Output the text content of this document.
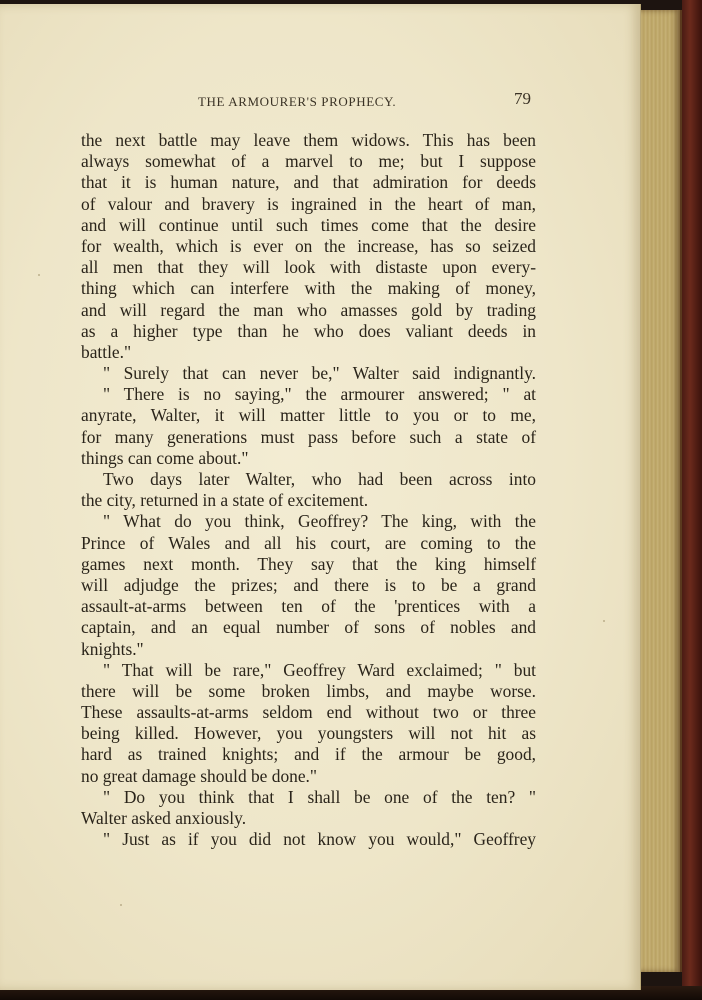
THE ARMOURER'S PROPHECY.	79
the next battle may leave them widows. This has been
always somewhat of a marvel to me; but I suppose
that it is human nature, and that admiration for deeds
of valour and bravery is ingrained in the heart of man,
and will continue until such times come that the desire
for wealth, which is ever on the increase, has so seized
all men that they will look with distaste upon every-
thing which can interfere with the making of money,
and will regard the man who amasses gold by trading
as a higher type than he who does valiant deeds in
battle."
" Surely that can never be," Walter said indignantly.
" There is no saying," the armourer answered; " at
anyrate, Walter, it will matter little to you or to me,
for many generations must pass before such a state of
things can come about."
Two days later Walter, who had been across into
the city, returned in a state of excitement.
" What do you think, Geoffrey? The king, with the
Prince of Wales and all his court, are coming to the
games next month. They say that the king himself
will adjudge the prizes; and there is to be a grand
assault-at-arms between ten of the 'prentices with a
captain, and an equal number of sons of nobles and
knights."
" That will be rare," Geoffrey Ward exclaimed; " but
there will be some broken limbs, and maybe worse.
These assaults-at-arms seldom end without two or three
being killed. However, you youngsters will not hit as
hard as trained knights; and if the armour be good,
no great damage should be done."
" Do you think that I shall be one of the ten? "
Walter asked anxiously.
" Just as if you did not know you would," Geoffrey
